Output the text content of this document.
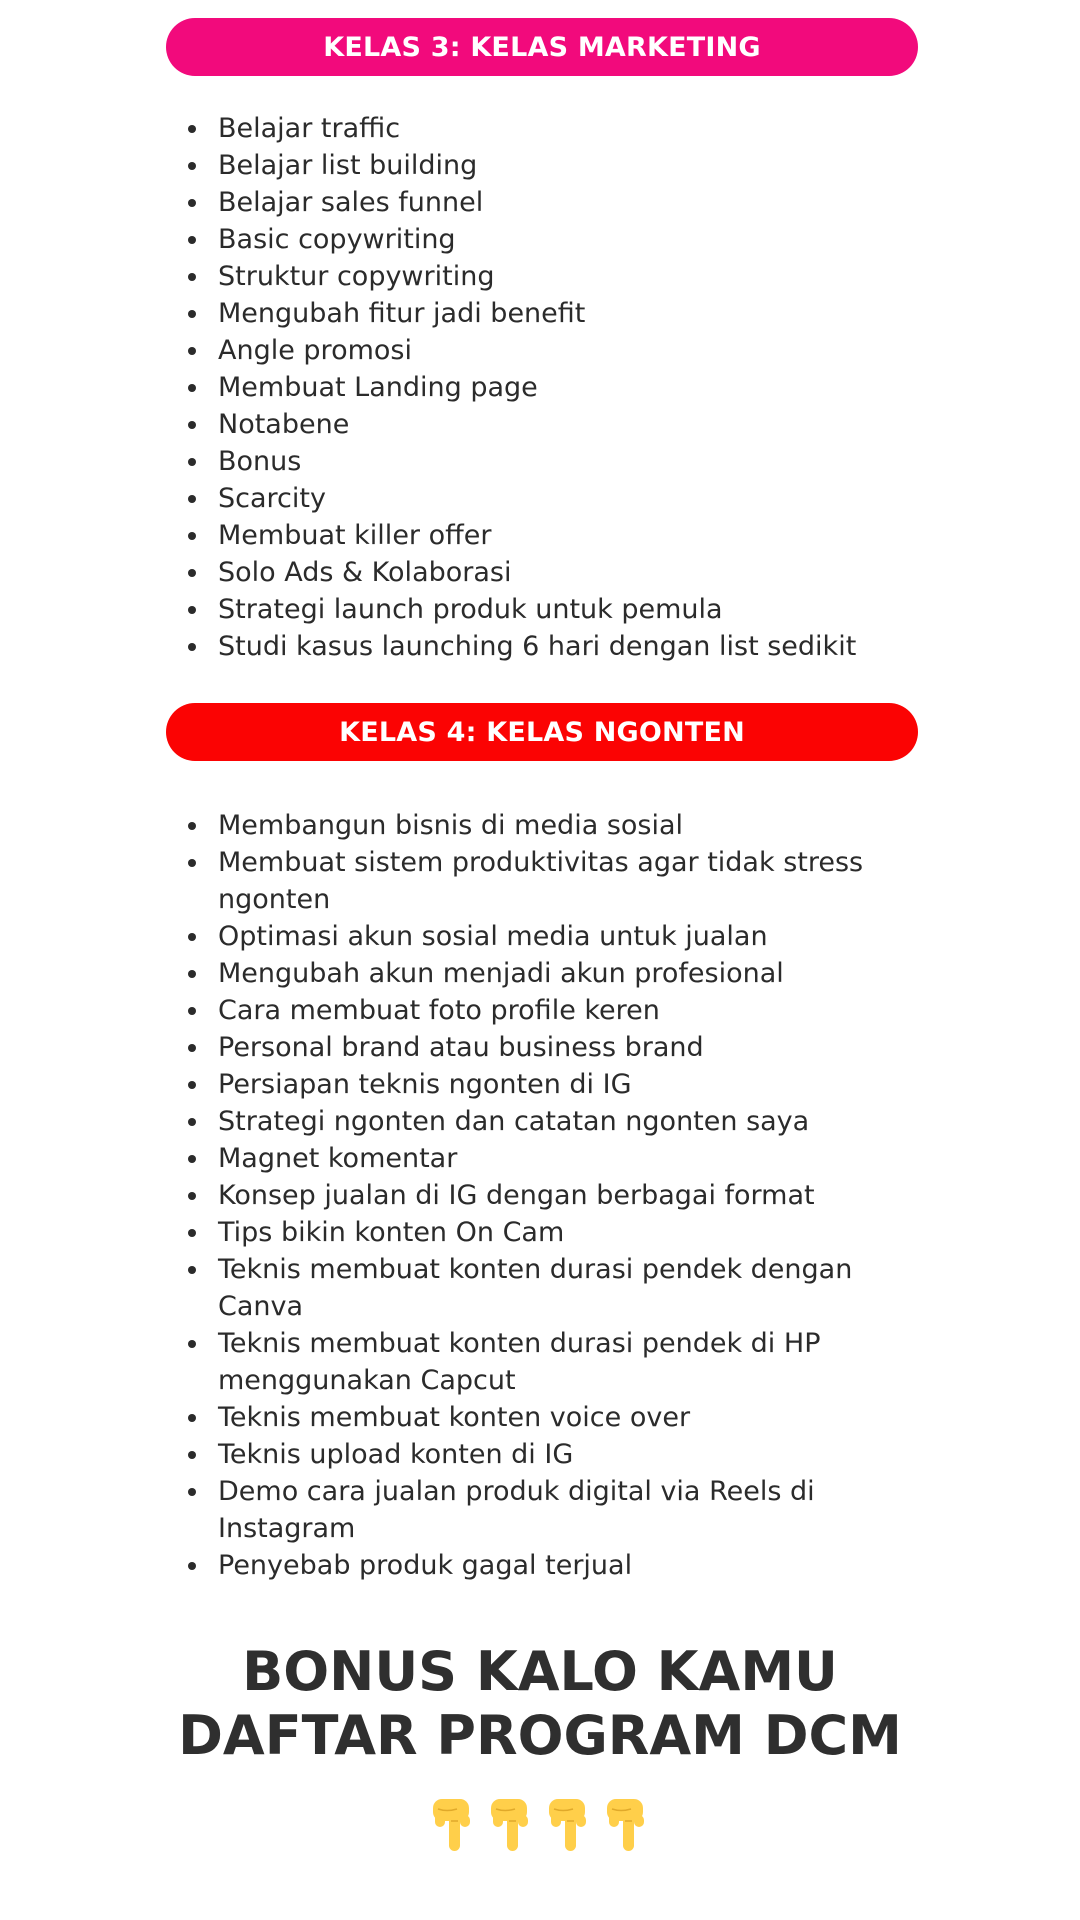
KELAS 3: KELAS MARKETING
Belajar traffic
Belajar list building
Belajar sales funnel
Basic copywriting
Struktur copywriting
Mengubah fitur jadi benefit
Angle promosi
Membuat Landing page
Notabene
Bonus
Scarcity
Membuat killer offer
Solo Ads & Kolaborasi
Strategi launch produk untuk pemula
Studi kasus launching 6 hari dengan list sedikit
KELAS 4: KELAS NGONTEN
Membangun bisnis di media sosial
Membuat sistem produktivitas agar tidak stress ngonten
Optimasi akun sosial media untuk jualan
Mengubah akun menjadi akun profesional
Cara membuat foto profile keren
Personal brand atau business brand
Persiapan teknis ngonten di IG
Strategi ngonten dan catatan ngonten saya
Magnet komentar
Konsep jualan di IG dengan berbagai format
Tips bikin konten On Cam
Teknis membuat konten durasi pendek dengan Canva
Teknis membuat konten durasi pendek di HP menggunakan Capcut
Teknis membuat konten voice over
Teknis upload konten di IG
Demo cara jualan produk digital via Reels di Instagram
Penyebab produk gagal terjual
BONUS KALO KAMU
DAFTAR PROGRAM DCM
